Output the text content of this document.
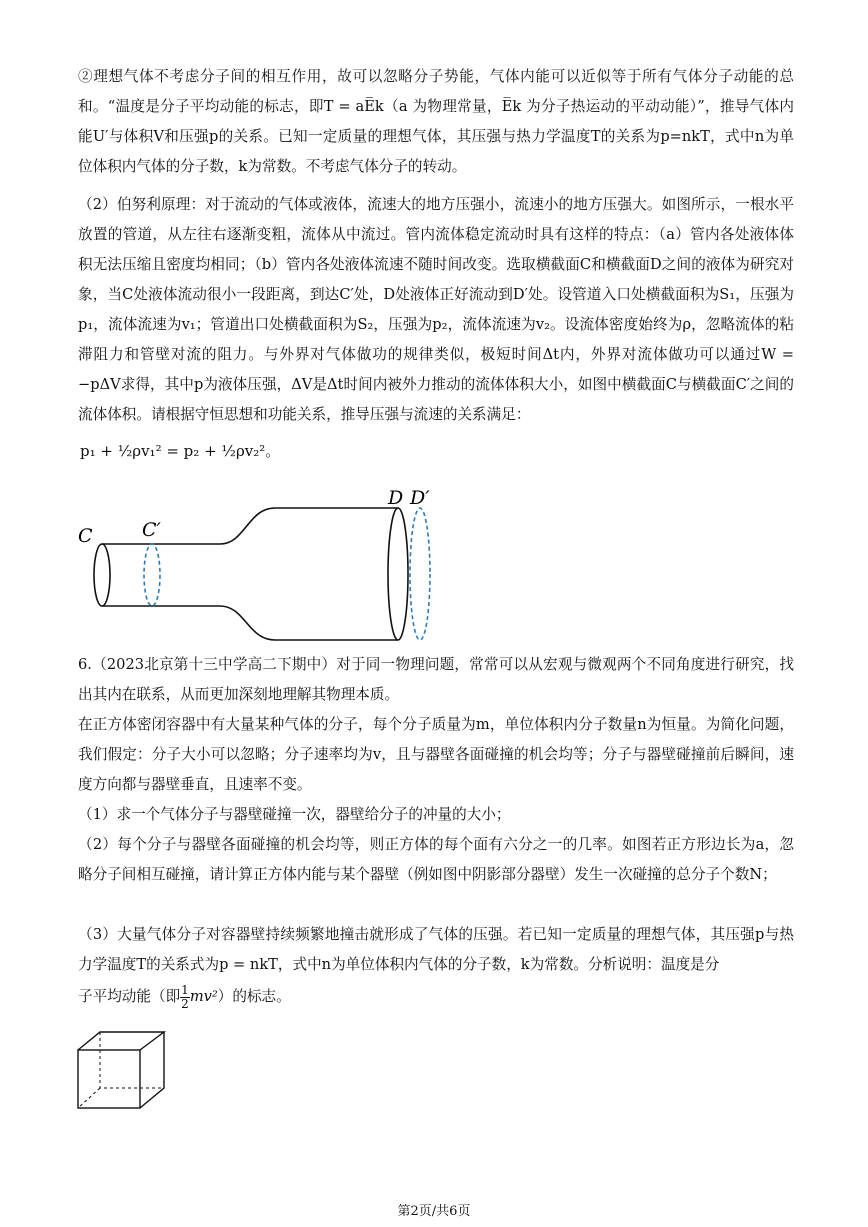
②理想气体不考虑分子间的相互作用，故可以忽略分子势能，气体内能可以近似等于所有气体分子动能的总和。“温度是分子平均动能的标志，即T = aE̅k（a 为物理常量，E̅k 为分子热运动的平动动能）”，推导气体内能U′与体积V和压强p的关系。已知一定质量的理想气体，其压强与热力学温度T的关系为p=nkT，式中n为单位体积内气体的分子数，k为常数。不考虑气体分子的转动。

（2）伯努利原理：对于流动的气体或液体，流速大的地方压强小，流速小的地方压强大。如图所示，一根水平放置的管道，从左往右逐渐变粗，流体从中流过。管内流体稳定流动时具有这样的特点：（a）管内各处液体体积无法压缩且密度均相同；（b）管内各处液体流速不随时间改变。选取横截面C和横截面D之间的液体为研究对象，当C处液体流动很小一段距离，到达C′处，D处液体正好流动到D′处。设管道入口处横截面积为S₁，压强为p₁，流体流速为v₁；管道出口处横截面积为S₂，压强为p₂，流体流速为v₂。设流体密度始终为ρ，忽略流体的粘滞阻力和管壁对流的阻力。与外界对气体做功的规律类似，极短时间Δt内，外界对流体做功可以通过W = −pΔV求得，其中p为液体压强，ΔV是Δt时间内被外力推动的流体体积大小，如图中横截面C与横截面C′之间的流体体积。请根据守恒思想和功能关系，推导压强与流速的关系满足：

p₁ + ½ρv₁² = p₂ + ½ρv₂²。
C	C′
D D′

6.（2023北京第十三中学高二下期中）对于同一物理问题，常常可以从宏观与微观两个不同角度进行研究，找出其内在联系，从而更加深刻地理解其物理本质。

在正方体密闭容器中有大量某种气体的分子，每个分子质量为m，单位体积内分子数量n为恒量。为简化问题，我们假定：分子大小可以忽略；分子速率均为v，且与器壁各面碰撞的机会均等；分子与器壁碰撞前后瞬间，速度方向都与器壁垂直，且速率不变。

（1）求一个气体分子与器壁碰撞一次，器壁给分子的冲量的大小；

（2）每个分子与器壁各面碰撞的机会均等，则正方体的每个面有六分之一的几率。如图若正方形边长为a，忽略分子间相互碰撞，请计算正方体内能与某个器壁（例如图中阴影部分器壁）发生一次碰撞的总分子个数N；

（3）大量气体分子对容器壁持续频繁地撞击就形成了气体的压强。若已知一定质量的理想气体，其压强p与热力学温度T的关系式为p = nkT，式中n为单位体积内气体的分子数，k为常数。分析说明：温度是分

子平均动能（即 $\frac{1}{2} mv^2$）的标志。
第2页/共6页
